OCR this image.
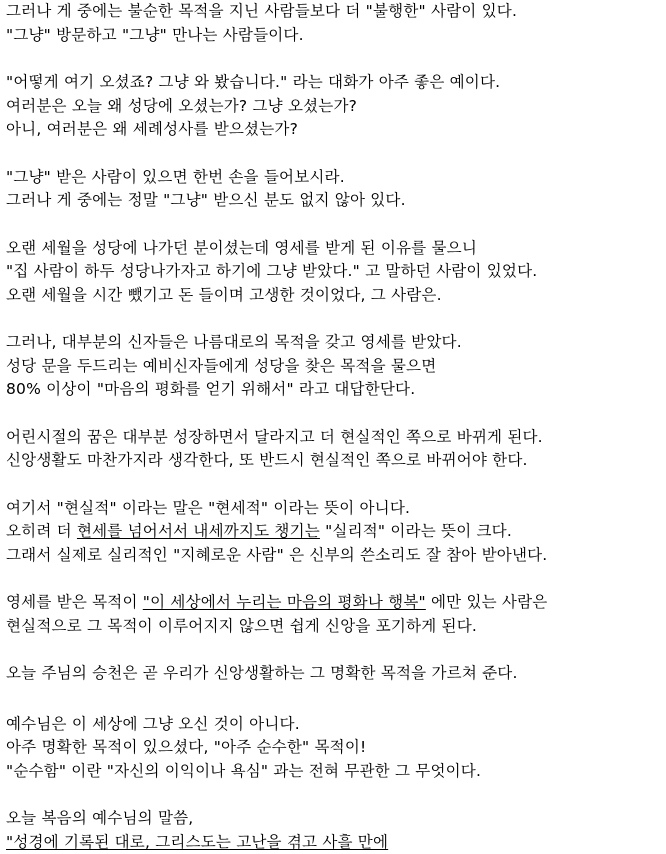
그러나 게 중에는 불순한 목적을 지닌 사람들보다 더 "불행한" 사람이 있다.
"그냥" 방문하고 "그냥" 만나는 사람들이다.
"어떻게 여기 오셨죠? 그냥 와 봤습니다." 라는 대화가 아주 좋은 예이다.
여러분은 오늘 왜 성당에 오셨는가? 그냥 오셨는가?
아니, 여러분은 왜 세례성사를 받으셨는가?
"그냥" 받은 사람이 있으면 한번 손을 들어보시라.
그러나 게 중에는 정말 "그냥" 받으신 분도 없지 않아 있다.
오랜 세월을 성당에 나가던 분이셨는데 영세를 받게 된 이유를 물으니
"집 사람이 하두 성당나가자고 하기에 그냥 받았다." 고 말하던 사람이 있었다.
오랜 세월을 시간 뺐기고 돈 들이며 고생한 것이었다, 그 사람은.
그러나, 대부분의 신자들은 나름대로의 목적을 갖고 영세를 받았다.
성당 문을 두드리는 예비신자들에게 성당을 찾은 목적을 물으면
80% 이상이 "마음의 평화를 얻기 위해서" 라고 대답한단다.
어린시절의 꿈은 대부분 성장하면서 달라지고 더 현실적인 쪽으로 바뀌게 된다.
신앙생활도 마찬가지라 생각한다, 또 반드시 현실적인 쪽으로 바뀌어야 한다.
여기서 "현실적" 이라는 말은 "현세적" 이라는 뜻이 아니다.
오히려 더 현세를 넘어서서 내세까지도 챙기는 "실리적" 이라는 뜻이 크다.
그래서 실제로 실리적인 "지혜로운 사람" 은 신부의 쓴소리도 잘 참아 받아낸다.
영세를 받은 목적이 "이 세상에서 누리는 마음의 평화나 행복" 에만 있는 사람은
현실적으로 그 목적이 이루어지지 않으면 쉽게 신앙을 포기하게 된다.
오늘 주님의 승천은 곧 우리가 신앙생활하는 그 명확한 목적을 가르쳐 준다.
예수님은 이 세상에 그냥 오신 것이 아니다.
아주 명확한 목적이 있으셨다, "아주 순수한" 목적이!
"순수함" 이란 "자신의 이익이나 욕심" 과는 전혀 무관한 그 무엇이다.
오늘 복음의 예수님의 말씀,
"성경에 기록된 대로, 그리스도는 고난을 겪고 사흘 만에
